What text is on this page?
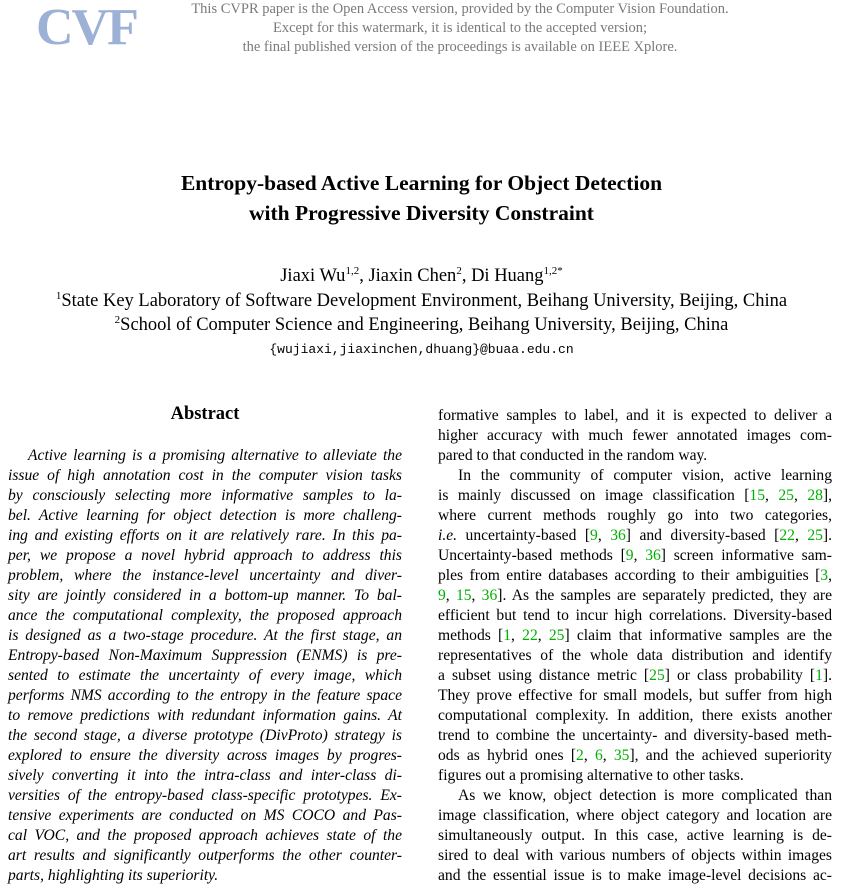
CVF	This CVPR paper is the Open Access version, provided by the Computer Vision Foundation.
Except for this watermark, it is identical to the accepted version;
the final published version of the proceedings is available on IEEE Xplore.
Entropy-based Active Learning for Object Detection
with Progressive Diversity Constraint
Jiaxi Wu$^{1,2}$, Jiaxin Chen$^2$, Di Huang$^{1,2*}$
$^1$State Key Laboratory of Software Development Environment, Beihang University, Beijing, China
$^2$School of Computer Science and Engineering, Beihang University, Beijing, China
{wujiaxi,jiaxinchen,dhuang}@buaa.edu.cn
Abstract
Active learning is a promising alternative to alleviate the
issue of high annotation cost in the computer vision tasks
by consciously selecting more informative samples to la-
bel. Active learning for object detection is more challeng-
ing and existing efforts on it are relatively rare. In this pa-
per, we propose a novel hybrid approach to address this
problem, where the instance-level uncertainty and diver-
sity are jointly considered in a bottom-up manner. To bal-
ance the computational complexity, the proposed approach
is designed as a two-stage procedure. At the first stage, an
Entropy-based Non-Maximum Suppression (ENMS) is pre-
sented to estimate the uncertainty of every image, which
performs NMS according to the entropy in the feature space
to remove predictions with redundant information gains. At
the second stage, a diverse prototype (DivProto) strategy is
explored to ensure the diversity across images by progres-
sively converting it into the intra-class and inter-class di-
versities of the entropy-based class-specific prototypes. Ex-
tensive experiments are conducted on MS COCO and Pas-
cal VOC, and the proposed approach achieves state of the
art results and significantly outperforms the other counter-
parts, highlighting its superiority.
formative samples to label, and it is expected to deliver a
higher accuracy with much fewer annotated images com-
pared to that conducted in the random way.
In the community of computer vision, active learning
is mainly discussed on image classification [15, 25, 28],
where current methods roughly go into two categories,
i.e. uncertainty-based [9, 36] and diversity-based [22, 25].
Uncertainty-based methods [9, 36] screen informative sam-
ples from entire databases according to their ambiguities [3,
9, 15, 36]. As the samples are separately predicted, they are
efficient but tend to incur high correlations. Diversity-based
methods [1, 22, 25] claim that informative samples are the
representatives of the whole data distribution and identify
a subset using distance metric [25] or class probability [1].
They prove effective for small models, but suffer from high
computational complexity. In addition, there exists another
trend to combine the uncertainty- and diversity-based meth-
ods as hybrid ones [2, 6, 35], and the achieved superiority
figures out a promising alternative to other tasks.
As we know, object detection is more complicated than
image classification, where object category and location are
simultaneously output. In this case, active learning is de-
sired to deal with various numbers of objects within images
and the essential issue is to make image-level decisions ac-
